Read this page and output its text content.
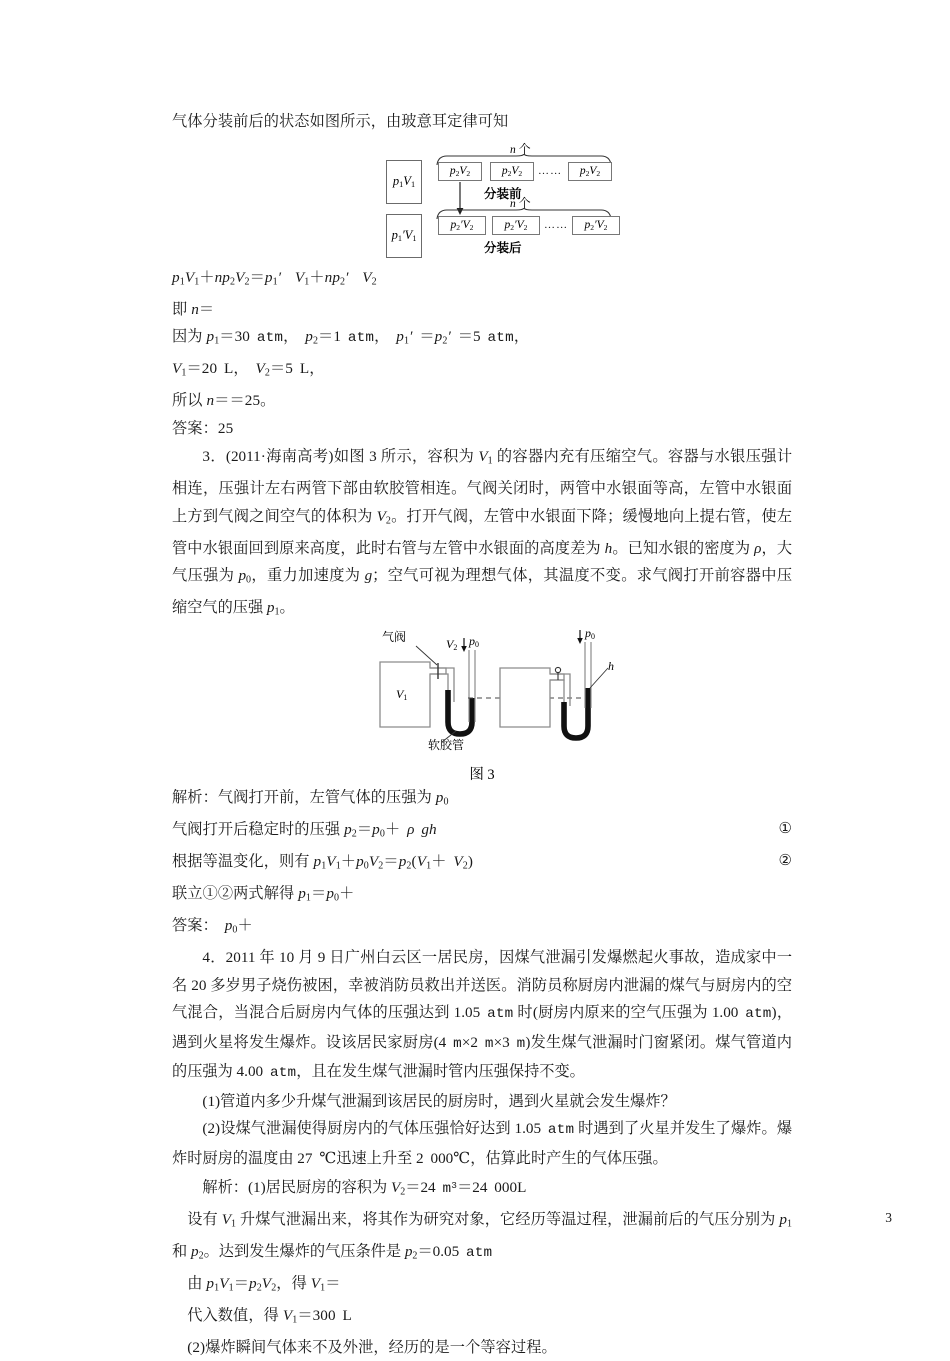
气体分装前后的状态如图所示，由玻意耳定律可知
$p_1V_1$
n 个
$p_2V_2$	$p_2V_2$ …… $p_2V_2$
分装前
$p_1'V_1$
n 个
$p_2'V_2$	$p_2'V_2$ …… $p_2'V_2$
分装后
$p_1V_1+np_2V_2=p_1'$ $V_1+np_2'$ $V_2$
即 n＝
因为 $p_1=30$ atm， $p_2=1$ atm， $p_1' =p_2' =5$ atm，
$V_1=20$ L， $V_2=5$ L，
所以 n＝＝25。
答案：25
3．(2011·海南高考)如图 3 所示，容积为 $V_1$ 的容器内充有压缩空气。容器与水银压强计相连，压强计左右两管下部由软胶管相连。气阀关闭时，两管中水银面等高，左管中水银面上方到气阀之间空气的体积为 $V_2$。打开气阀，左管中水银面下降；缓慢地向上提右管，使左管中水银面回到原来高度，此时右管与左管中水银面的高度差为 h。已知水银的密度为 ρ，大气压强为 $p_0$，重力加速度为 g；空气可视为理想气体，其温度不变。求气阀打开前容器中压缩空气的压强 $p_1$。
气阀
软胶管
$V_1$
$V_2$ $p_0$
$p_0$
h
图 3
解析：气阀打开前，左管气体的压强为 $p_0$
①
气阀打开后稳定时的压强 $p_2=p_0+ \rho$ gh
②
根据等温变化，则有 $p_1V_1+p_0V_2=p_2(V_1+ V_2)$
联立①②两式解得 $p_1=p_0+$
答案： $p_0+$
4．2011 年 10 月 9 日广州白云区一居民房，因煤气泄漏引发爆燃起火事故，造成家中一名 20 多岁男子烧伤被困，幸被消防员救出并送医。消防员称厨房内泄漏的煤气与厨房内的空气混合，当混合后厨房内气体的压强达到 1.05 atm 时(厨房内原来的空气压强为 1.00 atm)，遇到火星将发生爆炸。设该居民家厨房(4 m×2 m×3 m)发生煤气泄漏时门窗紧闭。煤气管道内的压强为 4.00 atm，且在发生煤气泄漏时管内压强保持不变。
(1)管道内多少升煤气泄漏到该居民的厨房时，遇到火星就会发生爆炸？
(2)设煤气泄漏使得厨房内的气体压强恰好达到 1.05 atm 时遇到了火星并发生了爆炸。爆炸时厨房的温度由 27 ℃迅速上升至 2 000℃，估算此时产生的气体压强。
解析：(1)居民厨房的容积为 $V_2=24$ $m^3=24$ 000L
设有 $V_1$ 升煤气泄漏出来，将其作为研究对象，它经历等温过程，泄漏前后的气压分别为 $p_1$和 $p_2$。达到发生爆炸的气压条件是 $p_2=0.05$ atm
由 $p_1V_1=p_2V_2$，得 $V_1=$
代入数值，得 $V_1=300$ L
(2)爆炸瞬间气体来不及外泄，经历的是一个等容过程。
3
